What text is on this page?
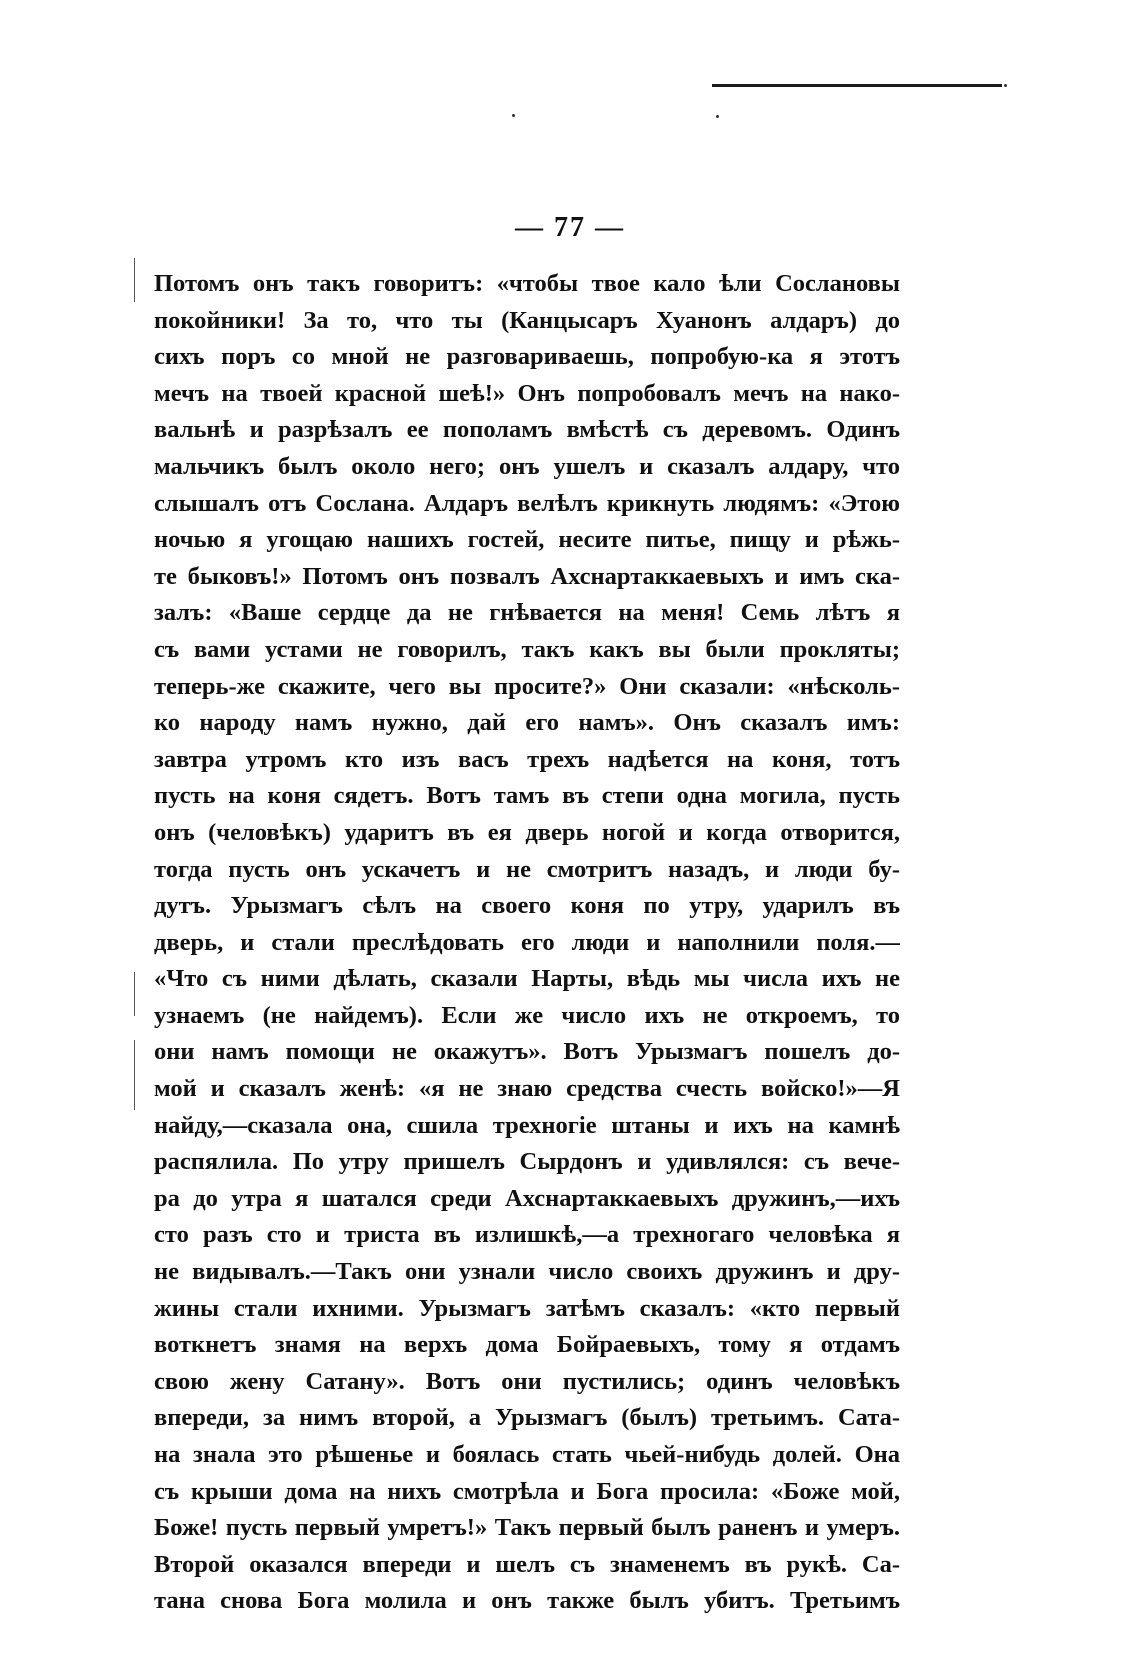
— 77 —
Потомъ онъ такъ говоритъ: «чтобы твое кало ѣли Сослановы
покойники! За то, что ты (Канцысаръ Хуанонъ алдаръ) до
сихъ поръ со мной не разговариваешь, попробую-ка я этотъ
мечъ на твоей красной шеѣ!» Онъ попробовалъ мечъ на нако-
вальнѣ и разрѣзалъ ее пополамъ вмѣстѣ съ деревомъ. Одинъ
мальчикъ былъ около него; онъ ушелъ и сказалъ алдару, что
слышалъ отъ Сослана. Алдаръ велѣлъ крикнуть людямъ: «Этою
ночью я угощаю нашихъ гостей, несите питье, пищу и рѣжь-
те быковъ!» Потомъ онъ позвалъ Ахснартаккаевыхъ и имъ ска-
залъ: «Ваше сердце да не гнѣвается на меня! Семь лѣтъ я
съ вами устами не говорилъ, такъ какъ вы были прокляты;
теперь-же скажите, чего вы просите?» Они сказали: «нѣсколь-
ко народу намъ нужно, дай его намъ». Онъ сказалъ имъ:
завтра утромъ кто изъ васъ трехъ надѣется на коня, тотъ
пусть на коня сядетъ. Вотъ тамъ въ степи одна могила, пусть
онъ (человѣкъ) ударитъ въ ея дверь ногой и когда отворится,
тогда пусть онъ ускачетъ и не смотритъ назадъ, и люди бу-
дутъ. Урызмагъ сѣлъ на своего коня по утру, ударилъ въ
дверь, и стали преслѣдовать его люди и наполнили поля.—
«Что съ ними дѣлать, сказали Нарты, вѣдь мы числа ихъ не
узнаемъ (не найдемъ). Если же число ихъ не откроемъ, то
они намъ помощи не окажутъ». Вотъ Урызмагъ пошелъ до-
мой и сказалъ женѣ: «я не знаю средства счесть войско!»—Я
найду,—сказала она, сшила трехногіе штаны и ихъ на камнѣ
распялила. По утру пришелъ Сырдонъ и удивлялся: съ вече-
ра до утра я шатался среди Ахснартаккаевыхъ дружинъ,—ихъ
сто разъ сто и триста въ излишкѣ,—а трехногаго человѣка я
не видывалъ.—Такъ они узнали число своихъ дружинъ и дру-
жины стали ихними. Урызмагъ затѣмъ сказалъ: «кто первый
воткнетъ знамя на верхъ дома Бойраевыхъ, тому я отдамъ
свою жену Сатану». Вотъ они пустились; одинъ человѣкъ
впереди, за нимъ второй, а Урызмагъ (былъ) третьимъ. Сата-
на знала это рѣшенье и боялась стать чьей-нибудь долей. Она
съ крыши дома на нихъ смотрѣла и Бога просила: «Боже мой,
Боже! пусть первый умретъ!» Такъ первый былъ раненъ и умеръ.
Второй оказался впереди и шелъ съ знаменемъ въ рукѣ. Са-
тана снова Бога молила и онъ также былъ убитъ. Третьимъ
